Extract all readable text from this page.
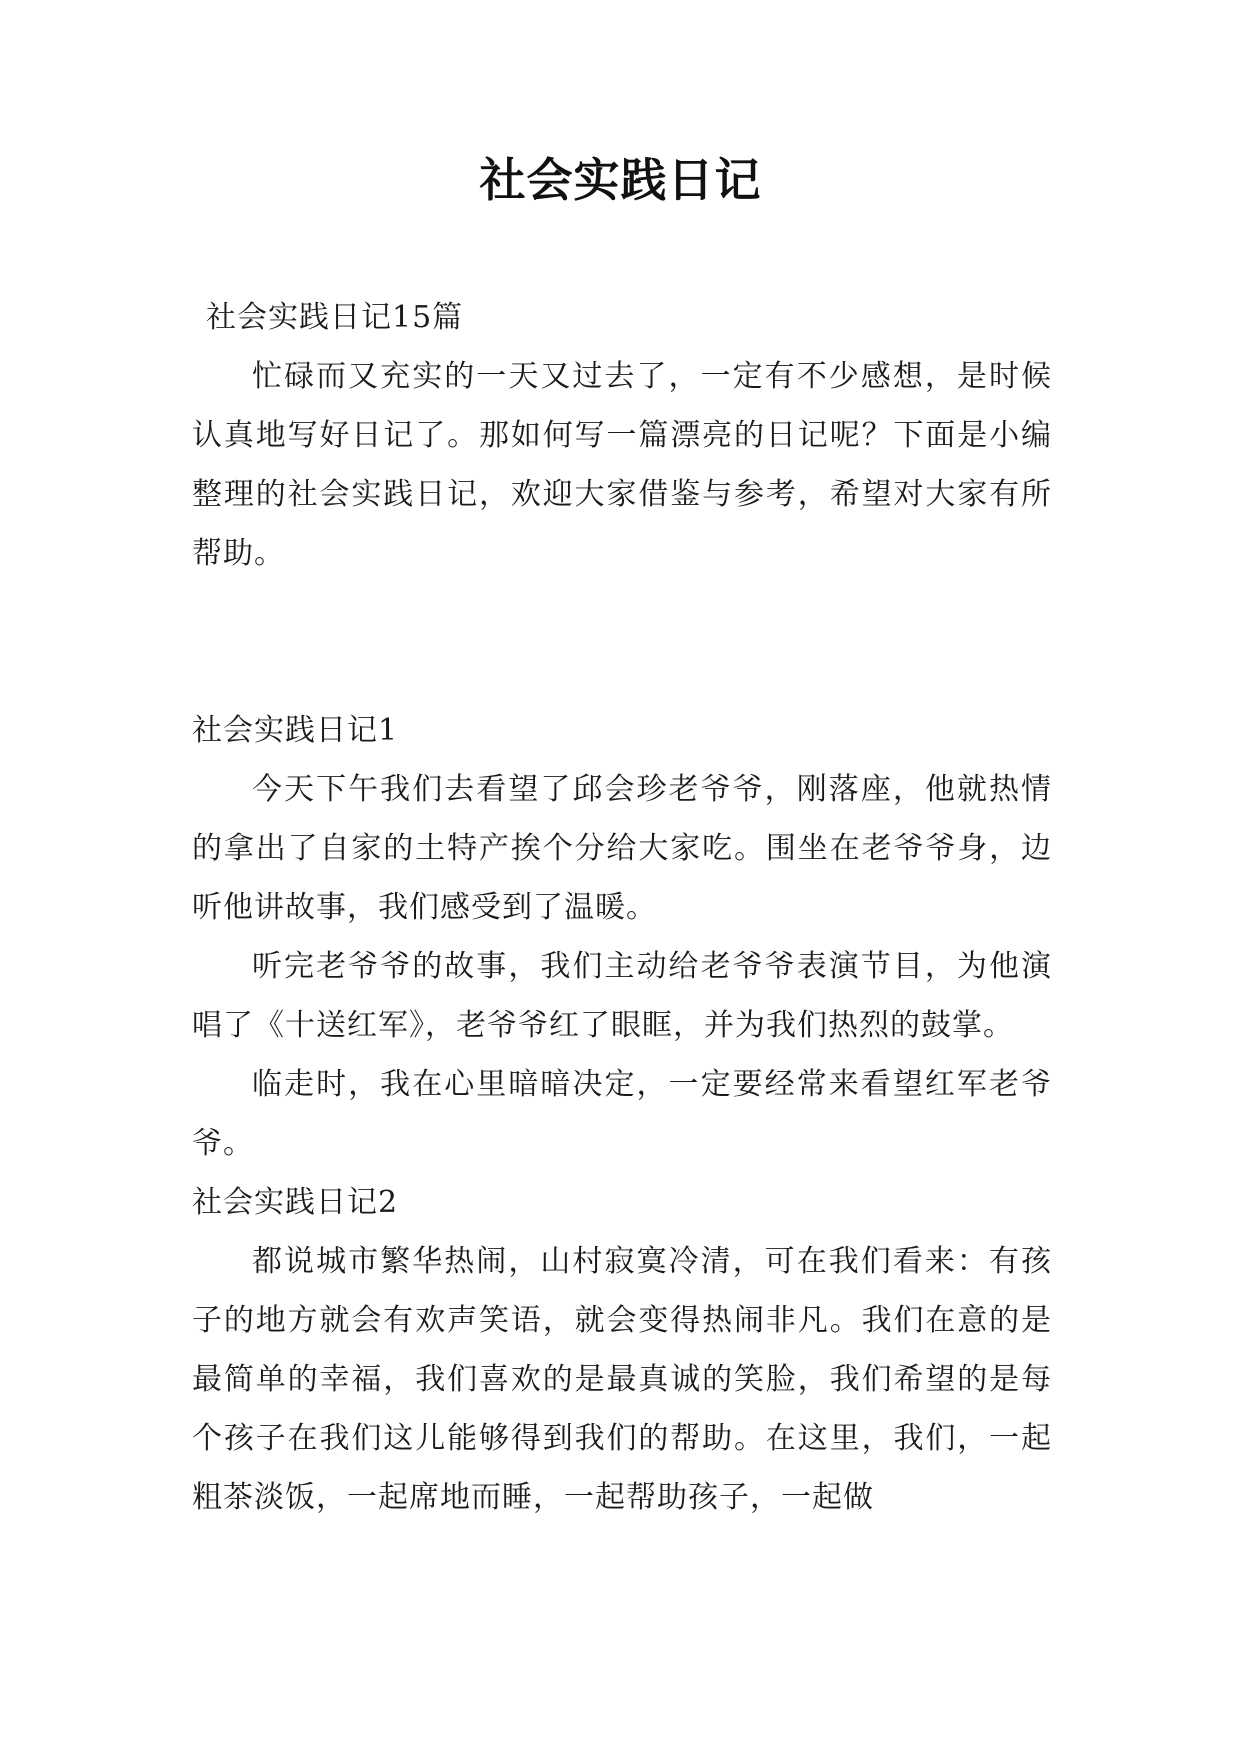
社会实践日记

社会实践日记15篇

忙碌而又充实的一天又过去了，一定有不少感想，是时候认真地写好日记了。那如何写一篇漂亮的日记呢？下面是小编整理的社会实践日记，欢迎大家借鉴与参考，希望对大家有所帮助。

社会实践日记1

今天下午我们去看望了邱会珍老爷爷，刚落座，他就热情的拿出了自家的土特产挨个分给大家吃。围坐在老爷爷身，边听他讲故事，我们感受到了温暖。

听完老爷爷的故事，我们主动给老爷爷表演节目，为他演唱了《十送红军》，老爷爷红了眼眶，并为我们热烈的鼓掌。

临走时，我在心里暗暗决定，一定要经常来看望红军老爷爷。

社会实践日记2

都说城市繁华热闹，山村寂寞冷清，可在我们看来：有孩子的地方就会有欢声笑语，就会变得热闹非凡。我们在意的是最简单的幸福，我们喜欢的是最真诚的笑脸，我们希望的是每个孩子在我们这儿能够得到我们的帮助。在这里，我们，一起粗茶淡饭，一起席地而睡，一起帮助孩子，一起做
